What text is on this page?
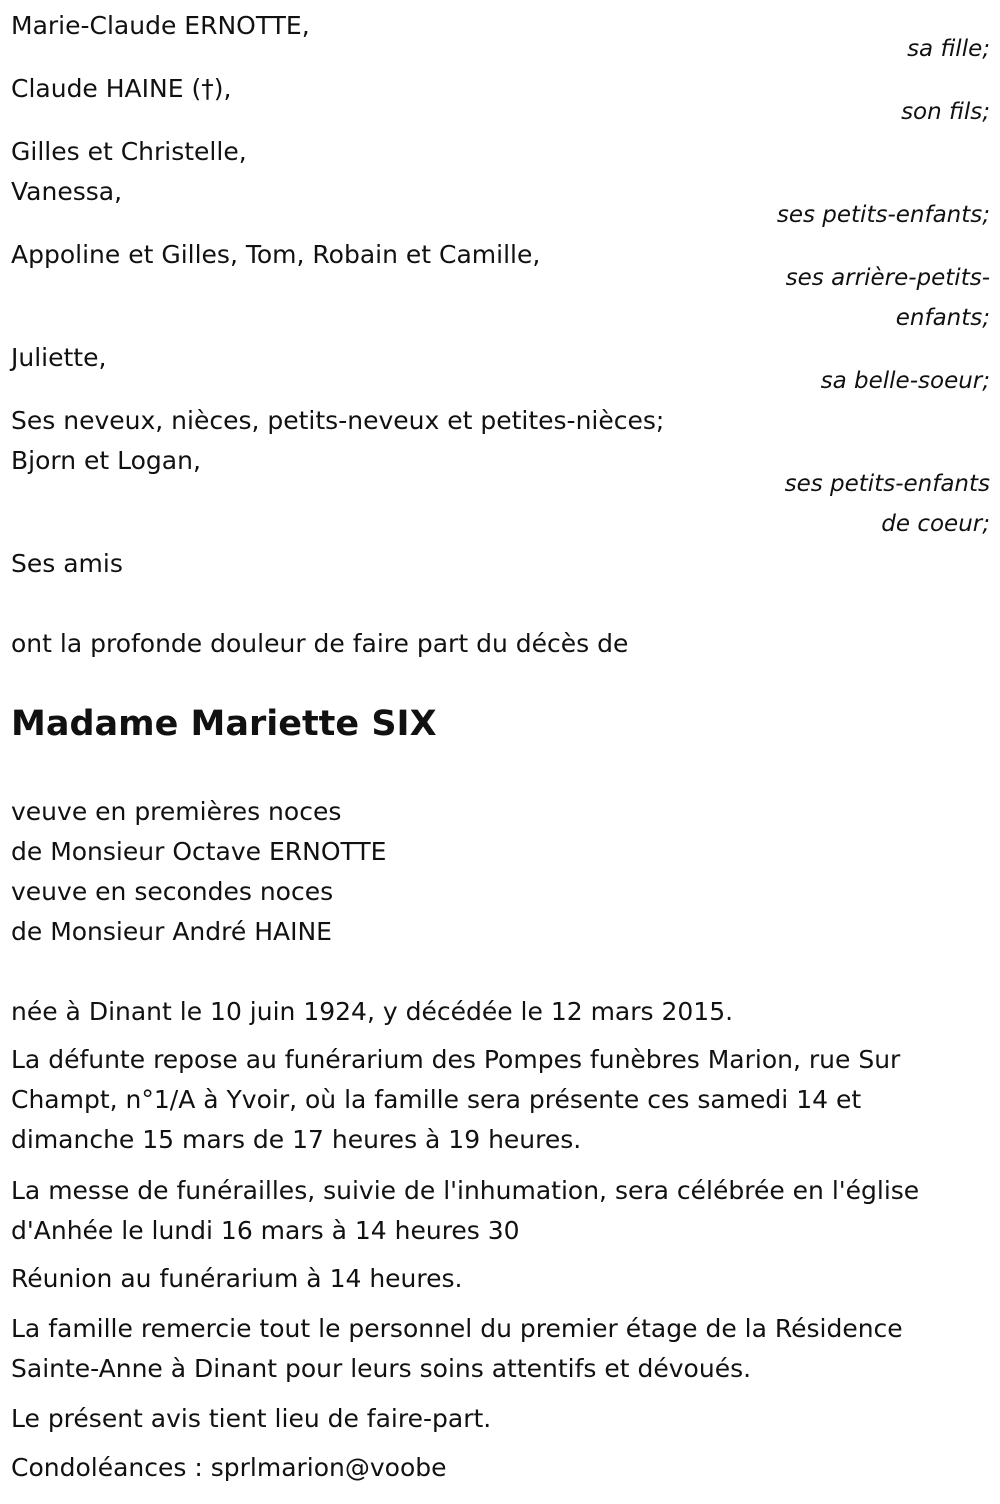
Marie-Claude ERNOTTE,
sa fille;
Claude HAINE (†),
son fils;
Gilles et Christelle,
Vanessa,
ses petits-enfants;
Appoline et Gilles, Tom, Robain et Camille,
ses arrière-petits-
enfants;
Juliette,
sa belle-soeur;
Ses neveux, nièces, petits-neveux et petites-nièces;
Bjorn et Logan,
ses petits-enfants
de coeur;
Ses amis
ont la profonde douleur de faire part du décès de
Madame Mariette SIX
veuve en premières noces
de Monsieur Octave ERNOTTE
veuve en secondes noces
de Monsieur André HAINE
née à Dinant le 10 juin 1924, y décédée le 12 mars 2015.
La défunte repose au funérarium des Pompes funèbres Marion, rue Sur Champt, n°1/A à Yvoir, où la famille sera présente ces samedi 14 et dimanche 15 mars de 17 heures à 19 heures.
La messe de funérailles, suivie de l'inhumation, sera célébrée en l'église d'Anhée le lundi 16 mars à 14 heures 30
Réunion au funérarium à 14 heures.
La famille remercie tout le personnel du premier étage de la Résidence Sainte-Anne à Dinant pour leurs soins attentifs et dévoués.
Le présent avis tient lieu de faire-part.
Condoléances : sprlmarion@voobe
